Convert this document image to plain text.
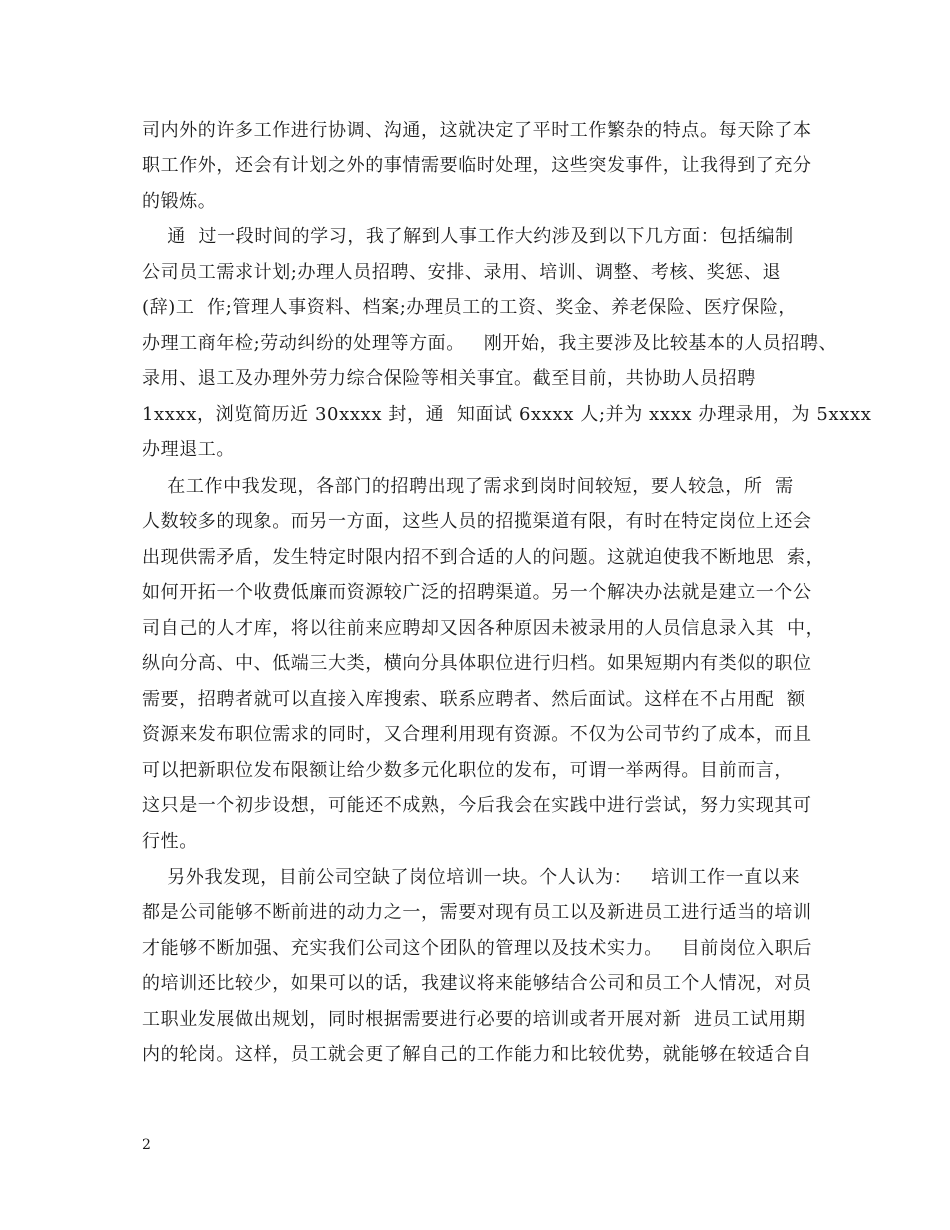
司内外的许多工作进行协调、沟通，这就决定了平时工作繁杂的特点。每天除了本
职工作外，还会有计划之外的事情需要临时处理，这些突发事件，让我得到了充分
的锻炼。
通  过一段时间的学习，我了解到人事工作大约涉及到以下几方面：包括编制
公司员工需求计划;办理人员招聘、安排、录用、培训、调整、考核、奖惩、退
(辞)工  作;管理人事资料、档案;办理员工的工资、奖金、养老保险、医疗保险，
办理工商年检;劳动纠纷的处理等方面。   刚开始，我主要涉及比较基本的人员招聘、
录用、退工及办理外劳力综合保险等相关事宜。截至目前，共协助人员招聘
1xxxx，浏览简历近 30xxxx 封，通  知面试 6xxxx 人;并为 xxxx 办理录用，为 5xxxx
办理退工。
在工作中我发现，各部门的招聘出现了需求到岗时间较短，要人较急，所  需
人数较多的现象。而另一方面，这些人员的招揽渠道有限，有时在特定岗位上还会
出现供需矛盾，发生特定时限内招不到合适的人的问题。这就迫使我不断地思  索，
如何开拓一个收费低廉而资源较广泛的招聘渠道。另一个解决办法就是建立一个公
司自己的人才库，将以往前来应聘却又因各种原因未被录用的人员信息录入其  中，
纵向分高、中、低端三大类，横向分具体职位进行归档。如果短期内有类似的职位
需要，招聘者就可以直接入库搜索、联系应聘者、然后面试。这样在不占用配  额
资源来发布职位需求的同时，又合理利用现有资源。不仅为公司节约了成本，而且
可以把新职位发布限额让给少数多元化职位的发布，可谓一举两得。目前而言，
这只是一个初步设想，可能还不成熟，今后我会在实践中进行尝试，努力实现其可
行性。
另外我发现，目前公司空缺了岗位培训一块。个人认为：   培训工作一直以来
都是公司能够不断前进的动力之一，需要对现有员工以及新进员工进行适当的培训
才能够不断加强、充实我们公司这个团队的管理以及技术实力。   目前岗位入职后
的培训还比较少，如果可以的话，我建议将来能够结合公司和员工个人情况，对员
工职业发展做出规划，同时根据需要进行必要的培训或者开展对新  进员工试用期
内的轮岗。这样，员工就会更了解自己的工作能力和比较优势，就能够在较适合自
2
